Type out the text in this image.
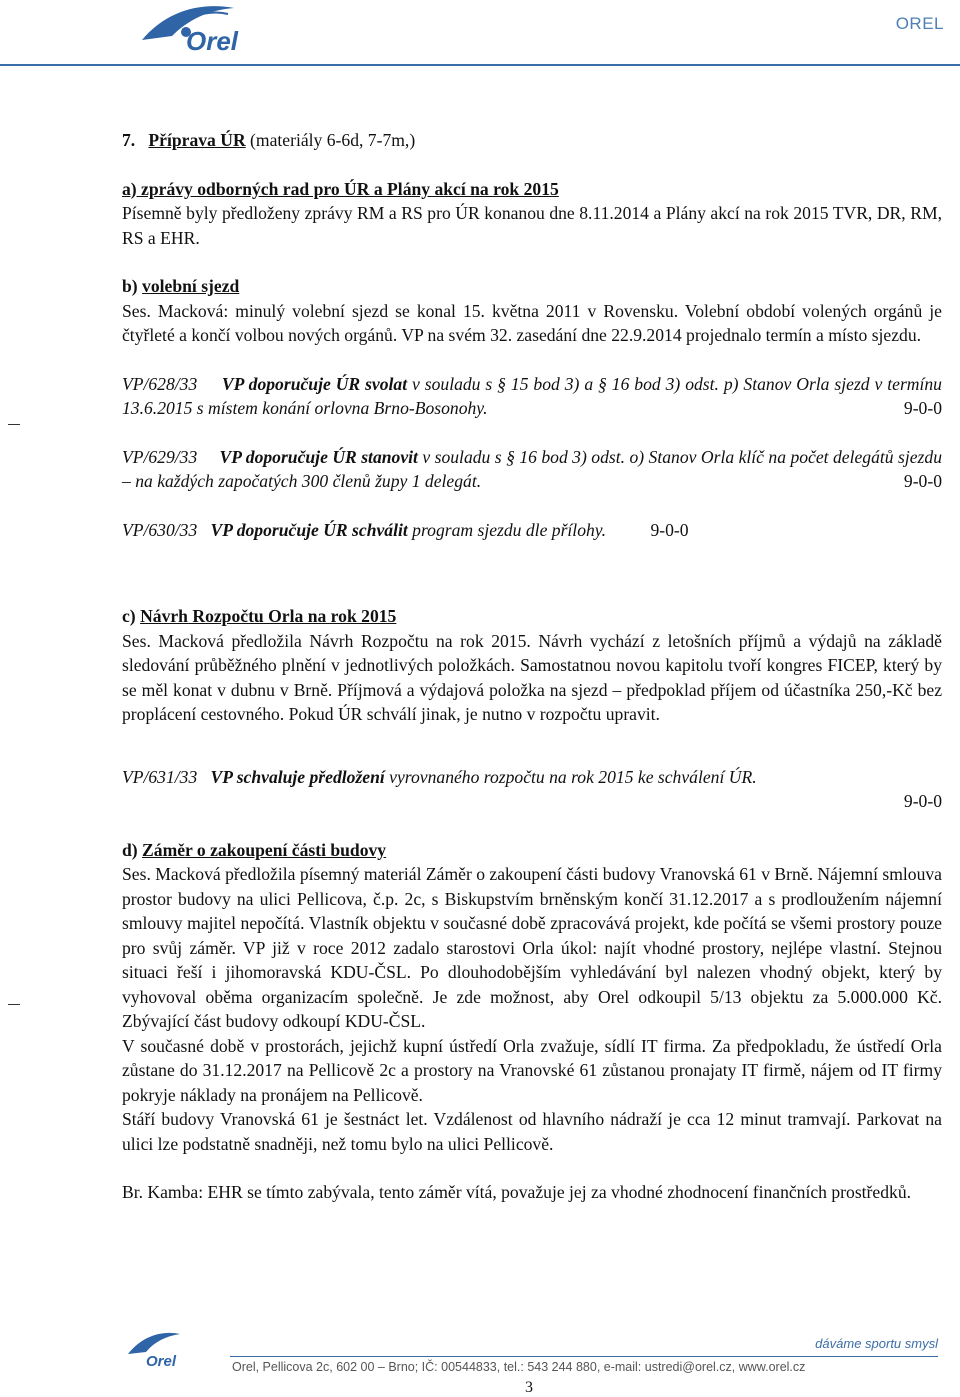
Orel
OREL

7. Příprava ÚR (materiály 6-6d, 7-7m,)

a) zprávy odborných rad pro ÚR a Plány akcí na rok 2015

Písemně byly předloženy zprávy RM a RS pro ÚR konanou dne 8.11.2014 a Plány akcí na rok 2015 TVR, DR, RM, RS a EHR.

b) volební sjezd

Ses. Macková: minulý volební sjezd se konal 15. května 2011 v Rovensku. Volební období volených orgánů je čtyřleté a končí volbou nových orgánů. VP na svém 32. zasedání dne 22.9.2014 projednalo termín a místo sjezdu.

VP/628/33 VP doporučuje ÚR svolat v souladu s § 15 bod 3) a § 16 bod 3) odst. p) Stanov Orla sjezd v termínu 13.6.2015 s místem konání orlovna Brno-Bosonohy.	9-0-0

VP/629/33 VP doporučuje ÚR stanovit v souladu s § 16 bod 3) odst. o) Stanov Orla klíč na počet delegátů sjezdu – na každých započatých 300 členů župy 1 delegát.	9-0-0

VP/630/33 VP doporučuje ÚR schválit program sjezdu dle přílohy.	9-0-0

c) Návrh Rozpočtu Orla na rok 2015

Ses. Macková předložila Návrh Rozpočtu na rok 2015. Návrh vychází z letošních příjmů a výdajů na základě sledování průběžného plnění v jednotlivých položkách. Samostatnou novou kapitolu tvoří kongres FICEP, který by se měl konat v dubnu v Brně. Příjmová a výdajová položka na sjezd – předpoklad příjem od účastníka 250,-Kč bez proplácení cestovného. Pokud ÚR schválí jinak, je nutno v rozpočtu upravit.

VP/631/33 VP schvaluje předložení vyrovnaného rozpočtu na rok 2015 ke schválení ÚR.

9-0-0

d) Záměr o zakoupení části budovy

Ses. Macková předložila písemný materiál Záměr o zakoupení části budovy Vranovská 61 v Brně. Nájemní smlouva prostor budovy na ulici Pellicova, č.p. 2c, s Biskupstvím brněnským končí 31.12.2017 a s prodloužením nájemní smlouvy majitel nepočítá. Vlastník objektu v současné době zpracovává projekt, kde počítá se všemi prostory pouze pro svůj záměr. VP již v roce 2012 zadalo starostovi Orla úkol: najít vhodné prostory, nejlépe vlastní. Stejnou situaci řeší i jihomoravská KDU-ČSL. Po dlouhodobějším vyhledávání byl nalezen vhodný objekt, který by vyhovoval oběma organizacím společně. Je zde možnost, aby Orel odkoupil 5/13 objektu za 5.000.000 Kč. Zbývající část budovy odkoupí KDU-ČSL.

V současné době v prostorách, jejichž kupní ústředí Orla zvažuje, sídlí IT firma. Za předpokladu, že ústředí Orla zůstane do 31.12.2017 na Pellicově 2c a prostory na Vranovské 61 zůstanou pronajaty IT firmě, nájem od IT firmy pokryje náklady na pronájem na Pellicově.

Stáří budovy Vranovská 61 je šestnáct let. Vzdálenost od hlavního nádraží je cca 12 minut tramvají. Parkovat na ulici lze podstatně snadněji, než tomu bylo na ulici Pellicově.

Br. Kamba: EHR se tímto zabývala, tento záměr vítá, považuje jej za vhodné zhodnocení finančních prostředků.

Orel
dáváme sportu smysl
Orel, Pellicova 2c, 602 00 – Brno; IČ: 00544833, tel.: 543 244 880, e-mail: ustredi@orel.cz, www.orel.cz
3
